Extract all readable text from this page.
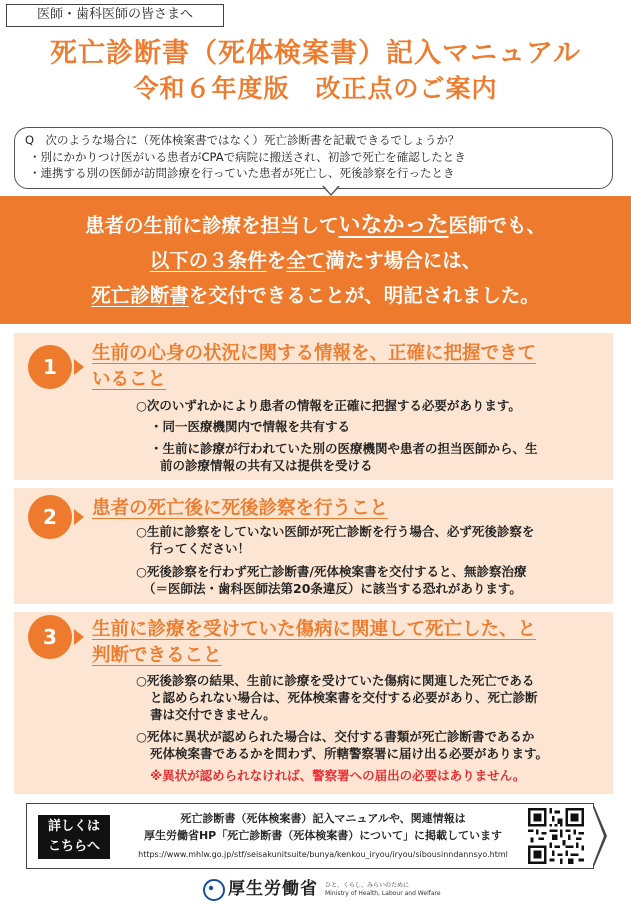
医師・歯科医師の皆さまへ
死亡診断書（死体検案書）記入マニュアル
令和６年度版　改正点のご案内
Q　次のような場合に（死体検案書ではなく）死亡診断書を記載できるでしょうか？
・別にかかりつけ医がいる患者がCPAで病院に搬送され、初診で死亡を確認したとき
・連携する別の医師が訪問診療を行っていた患者が死亡し、死後診察を行ったとき
患者の生前に診療を担当していなかった医師でも、
以下の３条件を全て満たす場合には、
死亡診断書を交付できることが、明記されました。
1
生前の心身の状況に関する情報を、正確に把握できて
いること
○次のいずれかにより患者の情報を正確に把握する必要があります。
・同一医療機関内で情報を共有する
・生前に診療が行われていた別の医療機関や患者の担当医師から、生
前の診療情報の共有又は提供を受ける
2	患者の死亡後に死後診察を行うこと
○生前に診察をしていない医師が死亡診断を行う場合、必ず死後診察を
行ってください！
○死後診察を行わず死亡診断書/死体検案書を交付すると、無診察治療
（＝医師法・歯科医師法第20条違反）に該当する恐れがあります。
3	生前に診療を受けていた傷病に関連して死亡した、と
判断できること
○死後診察の結果、生前に診療を受けていた傷病に関連した死亡である
と認められない場合は、死体検案書を交付する必要があり、死亡診断
書は交付できません。
○死体に異状が認められた場合は、交付する書類が死亡診断書であるか
死体検案書であるかを問わず、所轄警察署に届け出る必要があります。
※異状が認められなければ、警察署への届出の必要はありません。
詳しくは
こちらへ
死亡診断書（死体検案書）記入マニュアルや、関連情報は
厚生労働省HP「死亡診断書（死体検案書）について」に掲載しています
https://www.mhlw.go.jp/stf/seisakunitsuite/bunya/kenkou_iryou/iryou/sibousinndannsyo.html
厚生労働省 ひと、くらし、みらいのために
Ministry of Health, Labour and Welfare
